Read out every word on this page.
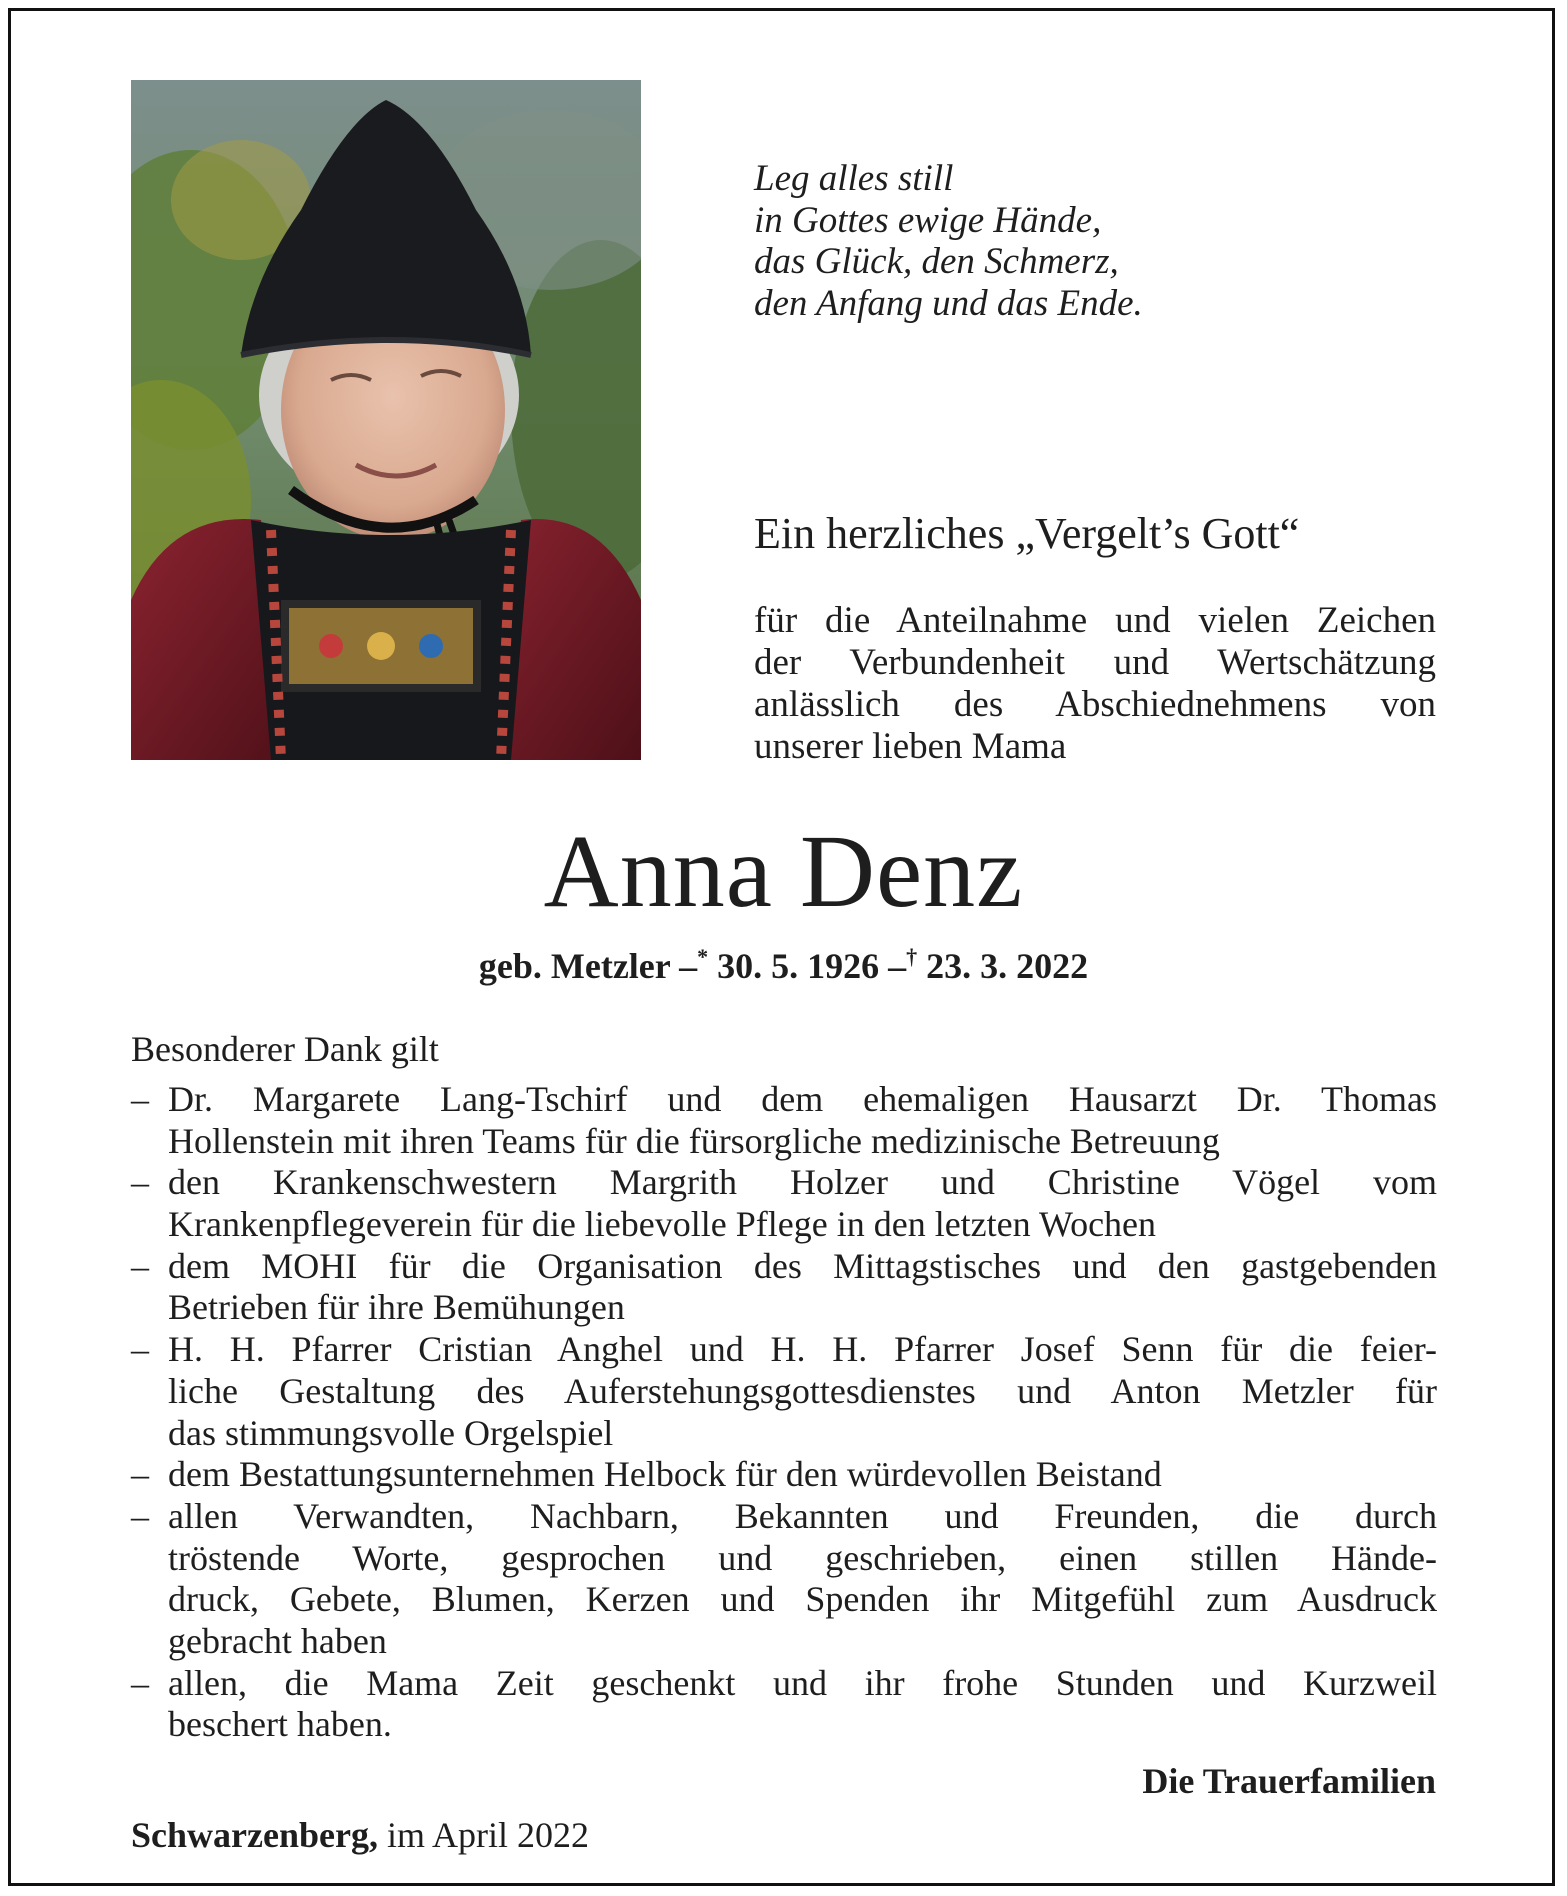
Leg alles still
in Gottes ewige Hände,
das Glück, den Schmerz,
den Anfang und das Ende.
Ein herzliches „Vergelt’s Gott“
für die Anteilnahme und vielen Zeichen
der Verbundenheit und Wertschätzung
anlässlich des Abschiednehmens von
unserer lieben Mama
Anna Denz
geb. Metzler –* 30. 5. 1926 –† 23. 3. 2022
Besonderer Dank gilt
– Dr. Margarete Lang-Tschirf und dem ehemaligen Hausarzt Dr. Thomas
Hollenstein mit ihren Teams für die fürsorgliche medizinische Betreuung
– den Krankenschwestern Margrith Holzer und Christine Vögel vom
Krankenpflegeverein für die liebevolle Pflege in den letzten Wochen
– dem MOHI für die Organisation des Mittagstisches und den gastgebenden
Betrieben für ihre Bemühungen
– H. H. Pfarrer Cristian Anghel und H. H. Pfarrer Josef Senn für die feier-
liche Gestaltung des Auferstehungsgottesdienstes und Anton Metzler für
das stimmungsvolle Orgelspiel
– dem Bestattungsunternehmen Helbock für den würdevollen Beistand
– allen Verwandten, Nachbarn, Bekannten und Freunden, die durch
tröstende Worte, gesprochen und geschrieben, einen stillen Hände-
druck, Gebete, Blumen, Kerzen und Spenden ihr Mitgefühl zum Ausdruck
gebracht haben
– allen, die Mama Zeit geschenkt und ihr frohe Stunden und Kurzweil
beschert haben.
Die Trauerfamilien
Schwarzenberg, im April 2022
